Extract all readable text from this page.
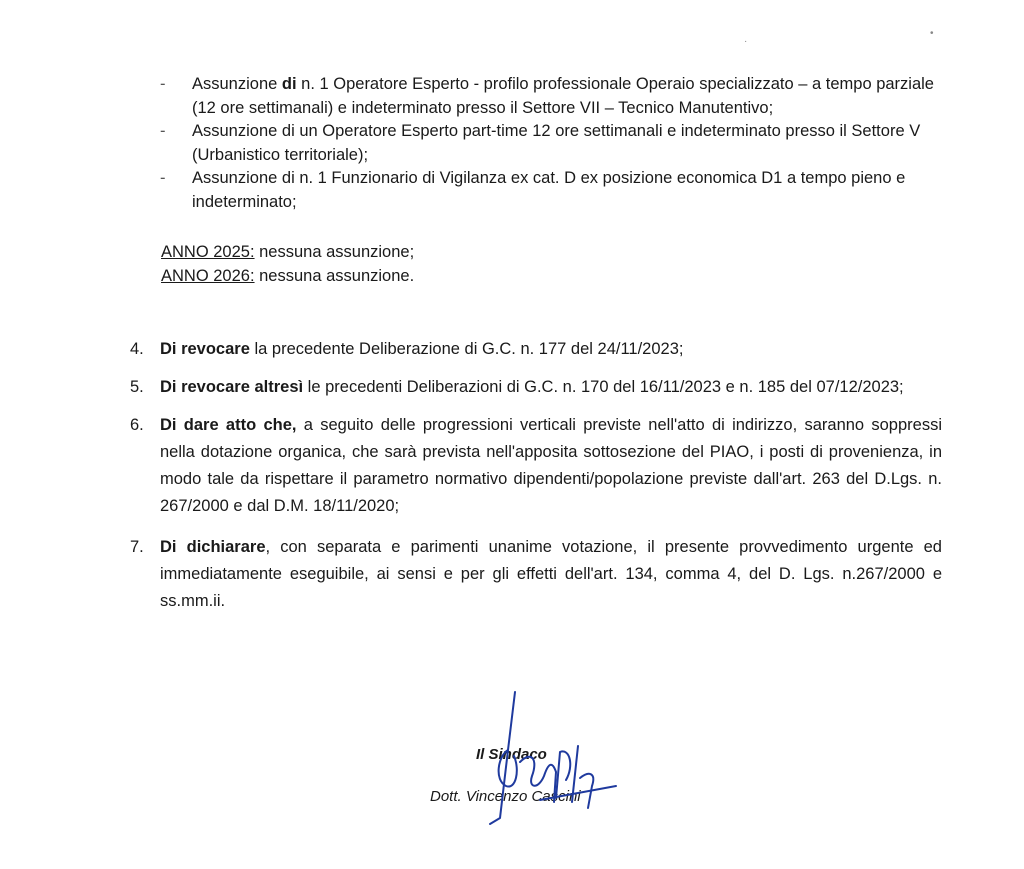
·
•
- Assunzione di n. 1 Operatore Esperto - profilo professionale Operaio specializzato – a tempo parziale (12 ore settimanali) e indeterminato presso il Settore VII – Tecnico Manutentivo;
- Assunzione di un Operatore Esperto part-time 12 ore settimanali e indeterminato presso il Settore V (Urbanistico territoriale);
- Assunzione di n. 1 Funzionario di Vigilanza ex cat. D ex posizione economica D1 a tempo pieno e indeterminato;
ANNO 2025: nessuna assunzione;
ANNO 2026: nessuna assunzione.
4. Di revocare la precedente Deliberazione di G.C. n. 177 del 24/11/2023;
5. Di revocare altresì le precedenti Deliberazioni di G.C. n. 170 del 16/11/2023 e n. 185 del 07/12/2023;
6. Di dare atto che, a seguito delle progressioni verticali previste nell'atto di indirizzo, saranno soppressi nella dotazione organica, che sarà prevista nell'apposita sottosezione del PIAO, i posti di provenienza, in modo tale da rispettare il parametro normativo dipendenti/popolazione previste dall'art. 263 del D.Lgs. n. 267/2000 e dal D.M. 18/11/2020;
7. Di dichiarare, con separata e parimenti unanime votazione, il presente provvedimento urgente ed immediatamente eseguibile, ai sensi e per gli effetti dell'art. 134, comma 4, del D. Lgs. n.267/2000 e ss.mm.ii.
Il Sindaco
Dott. Vincenzo Cascini
